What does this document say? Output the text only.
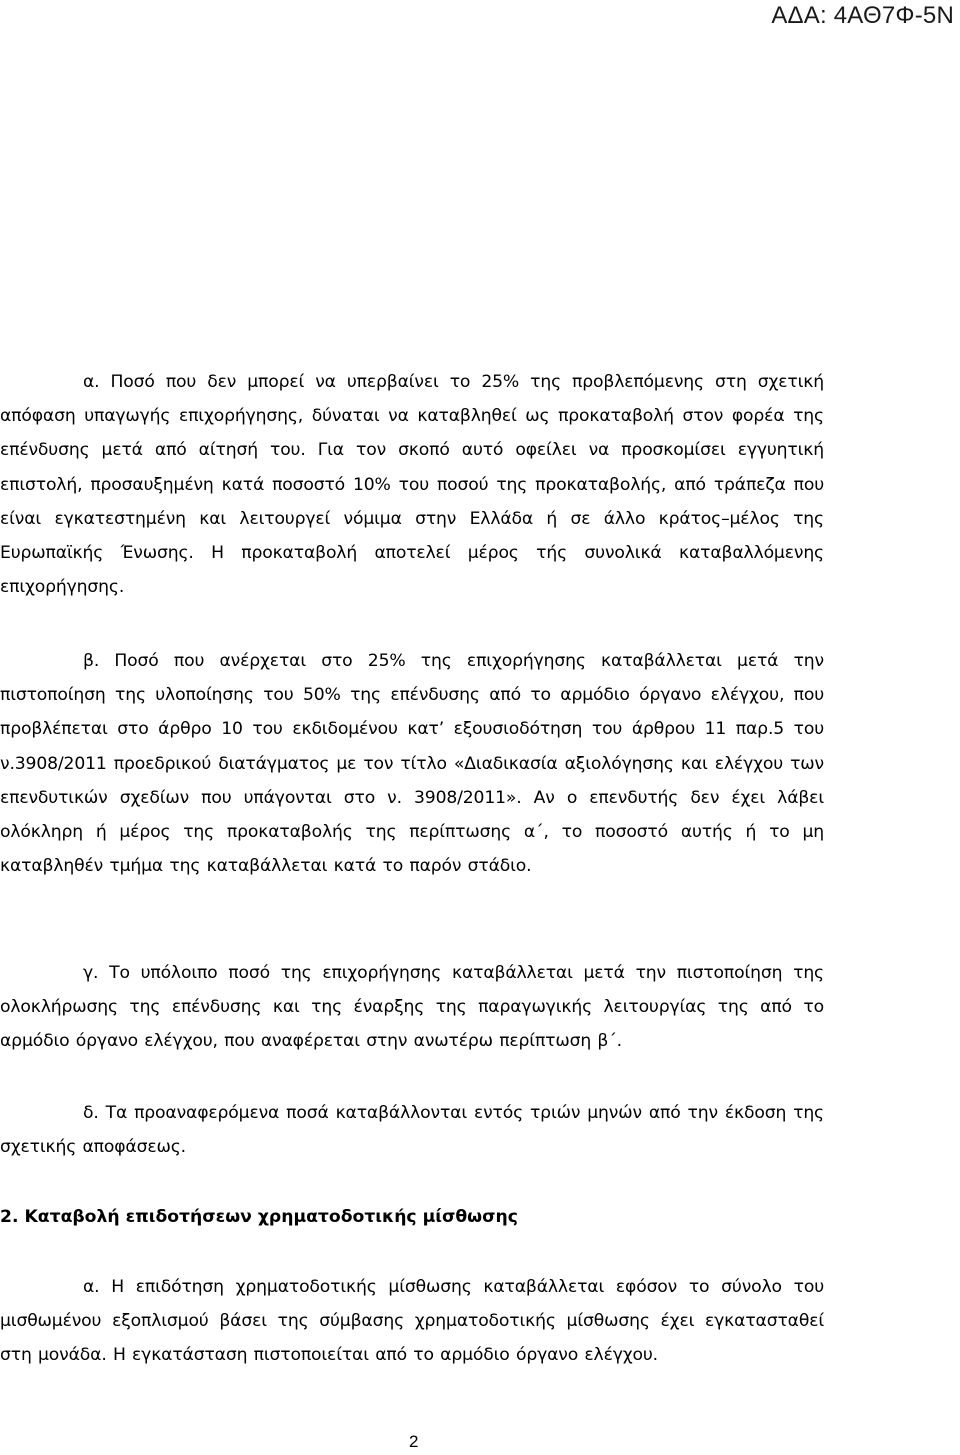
ΑΔΑ: 4ΑΘ7Φ-5Ν

α. Ποσό που δεν μπορεί να υπερβαίνει το 25% της προβλεπόμενης στη σχετική απόφαση υπαγωγής επιχορήγησης, δύναται να καταβληθεί ως προκαταβολή στον φορέα της επένδυσης μετά από αίτησή του. Για τον σκοπό αυτό οφείλει να προσκομίσει εγγυητική επιστολή, προσαυξημένη κατά ποσοστό 10% του ποσού της προκαταβολής, από τράπεζα που είναι εγκατεστημένη και λειτουργεί νόμιμα στην Ελλάδα ή σε άλλο κράτος–μέλος της Ευρωπαϊκής Ένωσης. Η προκαταβολή αποτελεί μέρος τής συνολικά καταβαλλόμενης επιχορήγησης.

β. Ποσό που ανέρχεται στο 25% της επιχορήγησης καταβάλλεται μετά την πιστοποίηση της υλοποίησης του 50% της επένδυσης από το αρμόδιο όργανο ελέγχου, που προβλέπεται στο άρθρο 10 του εκδιδομένου κατ’ εξουσιοδότηση του άρθρου 11 παρ.5 του ν.3908/2011 προεδρικού διατάγματος με τον τίτλο «Διαδικασία αξιολόγησης και ελέγχου των επενδυτικών σχεδίων που υπάγονται στο ν. 3908/2011». Αν ο επενδυτής δεν έχει λάβει ολόκληρη ή μέρος της προκαταβολής της περίπτωσης α΄, το ποσοστό αυτής ή το μη καταβληθέν τμήμα της καταβάλλεται κατά το παρόν στάδιο.

γ. Το υπόλοιπο ποσό της επιχορήγησης καταβάλλεται μετά την πιστοποίηση της ολοκλήρωσης της επένδυσης και της έναρξης της παραγωγικής λειτουργίας της από το αρμόδιο όργανο ελέγχου, που αναφέρεται στην ανωτέρω περίπτωση β΄.

δ. Τα προαναφερόμενα ποσά καταβάλλονται εντός τριών μηνών από την έκδοση της σχετικής αποφάσεως.

2. Καταβολή επιδοτήσεων χρηματοδοτικής μίσθωσης

α. Η επιδότηση χρηματοδοτικής μίσθωσης καταβάλλεται εφόσον το σύνολο του μισθωμένου εξοπλισμού βάσει της σύμβασης χρηματοδοτικής μίσθωσης έχει εγκατασταθεί στη μονάδα. Η εγκατάσταση πιστοποιείται από το αρμόδιο όργανο ελέγχου.

2
